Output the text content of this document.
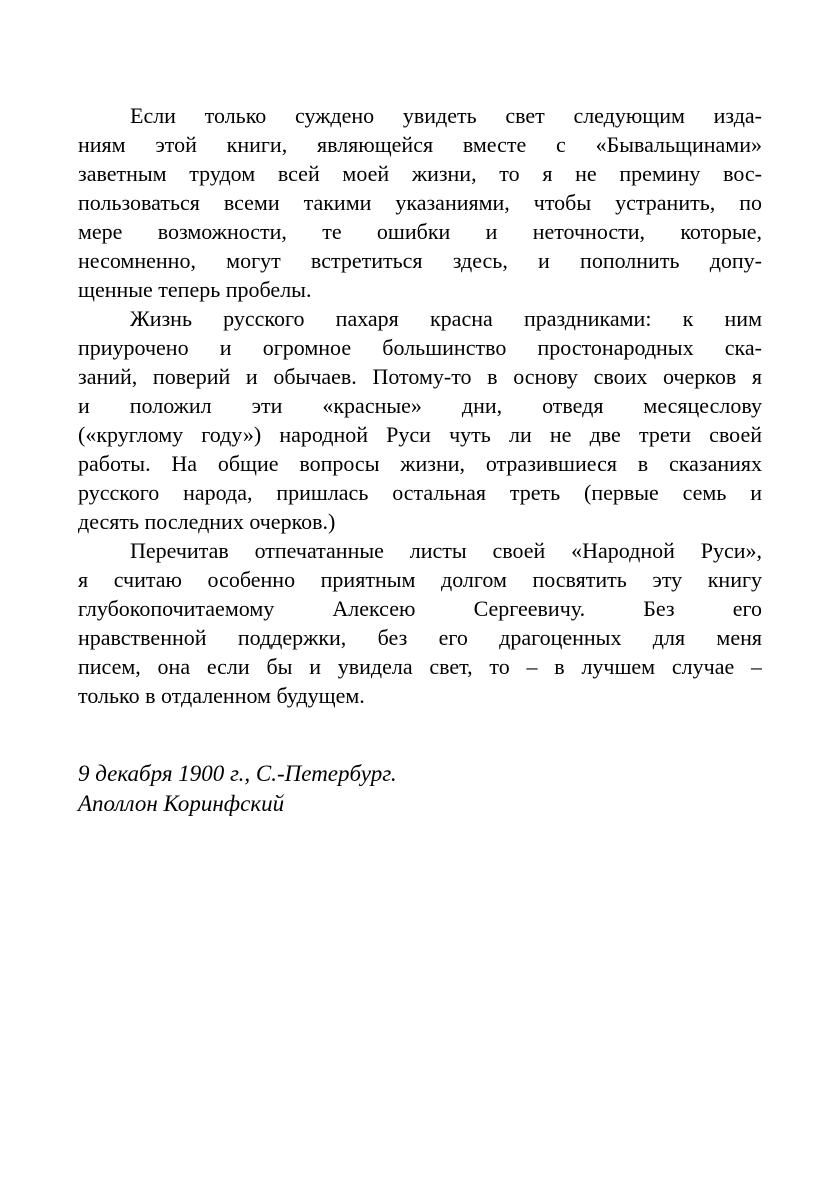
Если только суждено увидеть свет следующим изда-
ниям этой книги, являющейся вместе с «Бывальщинами»
заветным трудом всей моей жизни, то я не премину вос-
пользоваться всеми такими указаниями, чтобы устранить, по
мере возможности, те ошибки и неточности, которые,
несомненно, могут встретиться здесь, и пополнить допу-
щенные теперь пробелы.

Жизнь русского пахаря красна праздниками: к ним
приурочено и огромное большинство простонародных ска-
заний, поверий и обычаев. Потому-то в основу своих очерков я
и положил эти «красные» дни, отведя месяцеслову
(«круглому году») народной Руси чуть ли не две трети своей
работы. На общие вопросы жизни, отразившиеся в сказаниях
русского народа, пришлась остальная треть (первые семь и
десять последних очерков.)

Перечитав отпечатанные листы своей «Народной Руси»,
я считаю особенно приятным долгом посвятить эту книгу
глубокопочитаемому Алексею Сергеевичу. Без его
нравственной поддержки, без его драгоценных для меня
писем, она если бы и увидела свет, то – в лучшем случае –
только в отдаленном будущем.

9 декабря 1900 г., С.-Петербург.
Аполлон Коринфский
